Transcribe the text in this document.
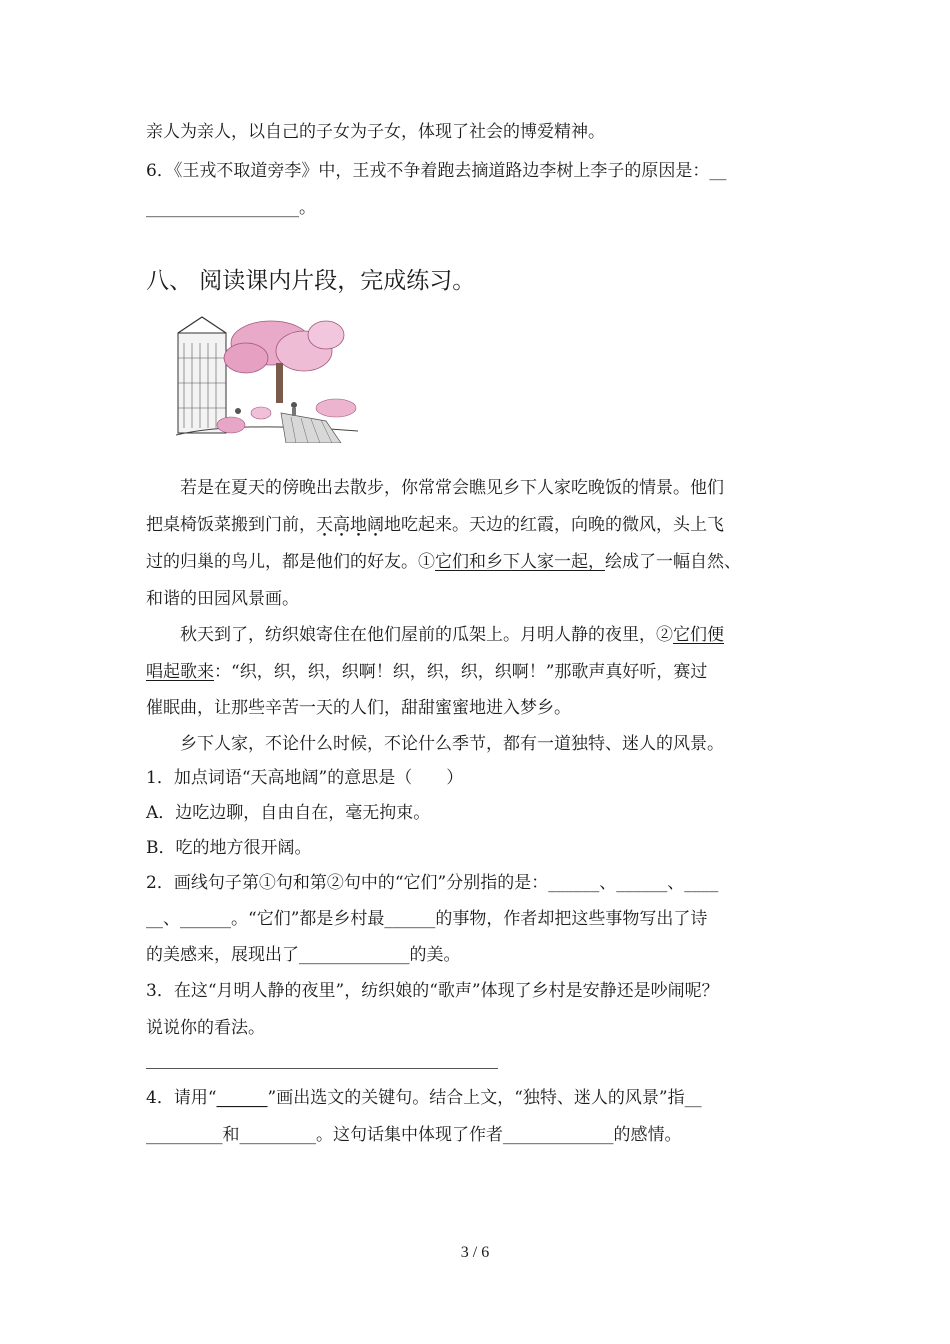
亲人为亲人，以自己的子女为子女，体现了社会的博爱精神。
6．《王戎不取道旁李》中，王戎不争着跑去摘道路边李树上李子的原因是：__
__________________。
八、 阅读课内片段，完成练习。
若是在夏天的傍晚出去散步，你常常会瞧见乡下人家吃晚饭的情景。他们
把桌椅饭菜搬到门前，天高地阔地吃起来。天边的红霞，向晚的微风，头上飞
过的归巢的鸟儿，都是他们的好友。①它们和乡下人家一起，绘成了一幅自然、
和谐的田园风景画。
秋天到了，纺织娘寄住在他们屋前的瓜架上。月明人静的夜里，②它们便
唱起歌来：“织，织，织，织啊！织，织，织，织啊！”那歌声真好听，赛过
催眠曲，让那些辛苦一天的人们，甜甜蜜蜜地进入梦乡。
乡下人家，不论什么时候，不论什么季节，都有一道独特、迷人的风景。
1．加点词语“天高地阔”的意思是（　　）
A．边吃边聊，自由自在，毫无拘束。
B．吃的地方很开阔。
2．画线句子第①句和第②句中的“它们”分别指的是：______、______、____
__、______。“它们”都是乡村最______的事物，作者却把这些事物写出了诗
的美感来，展现出了_____________的美。
3．在这“月明人静的夜里”，纺织娘的“歌声”体现了乡村是安静还是吵闹呢？
说说你的看法。
4．请用“______”画出选文的关键句。结合上文，“独特、迷人的风景”指__
_________和_________。这句话集中体现了作者_____________的感情。
3 / 6
